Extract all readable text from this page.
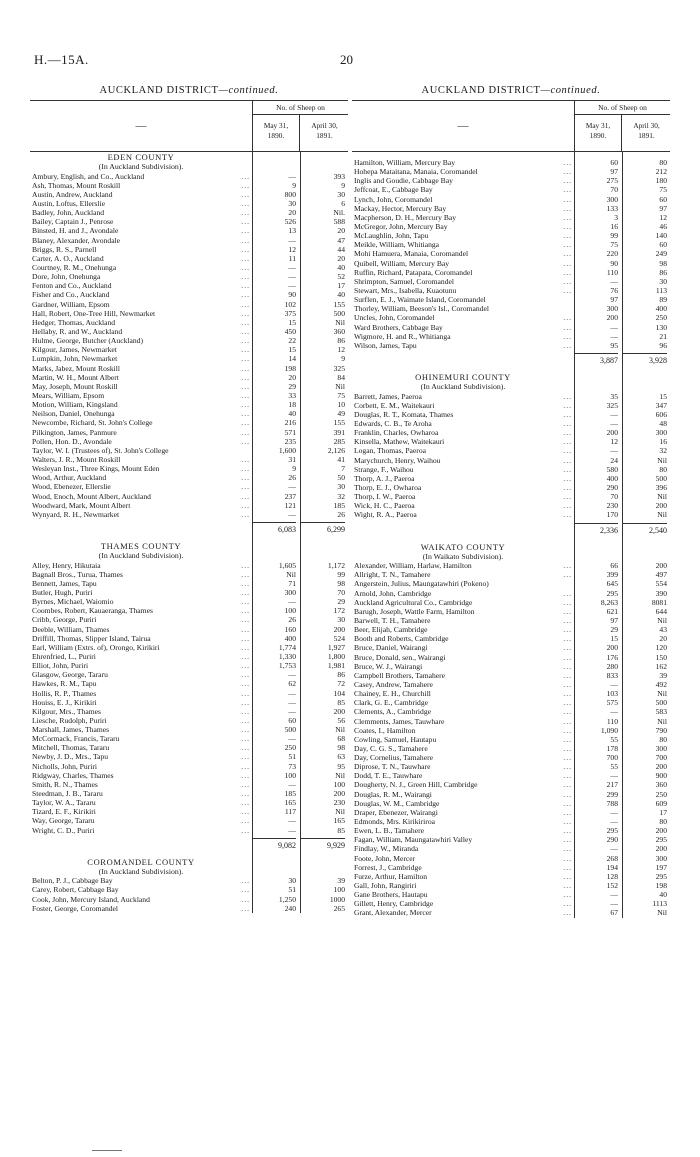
H.—15A.	20
AUCKLAND DISTRICT—continued.
—
No. of Sheep on
May 31,
1890.
April 30,
1891.
EDEN COUNTY
(In Auckland Subdivision).
Ambury, English, and Co., Auckland	...	—	393
Ash, Thomas, Mount Roskill	...	9	9
Austin, Andrew, Auckland	...	800	30
Austin, Loftus, Ellerslie	...	30	6
Badley, John, Auckland	...	20	Nil.
Bailey, Captain J., Penrose	...	526	588
Binsted, H. and J., Avondale	...	13	20
Blaney, Alexander, Avondale	...	—	47
Briggs, R. S., Parnell	...	12	44
Carter, A. O., Auckland	...	11	20
Courtney, R. M., Onehunga	...	—	40
Dore, John, Onehunga	...	—	52
Fenton and Co., Auckland	...	—	17
Fisher and Co., Auckland	...	90	40
Gardner, William, Epsom	...	102	155
Hall, Robert, One-Tree Hill, Newmarket	...	375	500
Hedger, Thomas, Auckland	...	15	Nil
Hellaby, R. and W., Auckland	...	450	360
Hulme, George, Butcher (Auckland)	...	22	86
Kilgour, James, Newmarket	...	15	12
Lumpkin, John, Newmarket	...	14	9
Marks, Jabez, Mount Roskill	...	198	325
Martin, W. H., Mount Albert	...	20	84
May, Joseph, Mount Roskill	...	29	Nil
Mears, William, Epsom	...	33	75
Motion, William, Kingsland	...	18	10
Neilson, Daniel, Onehunga	...	40	49
Newcombe, Richard, St. John's College	...	216	155
Pilkington, James, Panmure	...	571	391
Pollen, Hon. D., Avondale	...	235	285
Taylor, W. I. (Trustees of), St. John's College	1,600	2,126
Walters, J. R., Mount Roskill	...	31	41
Wesleyan Inst., Three Kings, Mount Eden	...	9	7
Wood, Arthur, Auckland	...	26	50
Wood, Ebenezer, Ellerslie	...	—	30
Wood, Enoch, Mount Albert, Auckland	...	237	32
Woodward, Mark, Mount Albert	...	121	185
Wynyard, R. H., Newmarket	...	—	26
6,083	6,299
THAMES COUNTY
(In Auckland Subdivision).
Alley, Henry, Hikutaia	...	1,605	1,172
Bagnall Bros., Turua, Thames	...	Nil	99
Bennett, James, Tapu	...	71	98
Butler, Hugh, Puriri	...	300	70
Byrnes, Michael, Waiomio	...	—	29
Coombes, Robert, Kauaeranga, Thames	...	100	172
Cribb, George, Puriri	...	26	30
Deeble, William, Thames	...	160	200
Driffill, Thomas, Slipper Island, Tairua	...	400	524
Earl, William (Extrs. of), Orongo, Kirikiri	...	1,774	1,927
Ehrenfried, L., Puriri	...	1,330	1,800
Elliot, John, Puriri	...	1,753	1,981
Glasgow, George, Tararu	...	—	86
Hawkes, R. M., Tapu	...	62	72
Hollis, R. P., Thames	...	—	104
Houiss, E. J., Kirikiri	...	—	85
Kilgour, Mrs., Thames	...	—	200
Liesche, Rudolph, Puriri	...	60	56
Marshall, James, Thames	...	500	Nil
McCormack, Francis, Tararu	...	—	68
Mitchell, Thomas, Tararu	...	250	98
Newby, J. D., Mrs., Tapu	...	51	63
Nicholls, John, Puriri	...	73	95
Ridgway, Charles, Thames	...	100	Nil
Smith, R. N., Thames	...	—	100
Steedman, J. B., Tararu	...	185	200
Taylor, W. A., Tararu	...	165	230
Tizard, E. F., Kirikiri	...	117	Nil
Way, George, Tararu	...	—	165
Wright, C. D., Puriri	...	—	85
9,082	9,929
COROMANDEL COUNTY
(In Auckland Subdivision).
Belton, P. J., Cabbage Bay	...	30	39
Carey, Robert, Cabbage Bay	...	51	100
Cook, John, Mercury Island, Auckland	...	1,250	1000
Foster, George, Coromandel	...	240	265
AUCKLAND DISTRICT—continued.
—
No. of Sheep on
May 31,
1890.
April 30,
1891.
Hamilton, William, Mercury Bay	...	60	80
Hohepa Mataitana, Manaia, Coromandel	...	97	212
Inglis and Goudie, Cabbage Bay	...	275	180
Jeffcoat, E., Cabbage Bay	...	70	75
Lynch, John, Coromandel	...	300	60
Mackay, Hector, Mercury Bay	...	133	97
Macpherson, D. H., Mercury Bay	...	3	12
McGregor, John, Mercury Bay	...	16	46
McLaughlin, John, Tapu	...	99	140
Meikle, William, Whitianga	...	75	60
Mohi Hamuera, Manaia, Coromandel	...	220	249
Quibell, William, Mercury Bay	...	90	98
Ruffin, Richard, Patapata, Coromandel	...	110	86
Shrimpton, Samuel, Coromandel	...	—	30
Stewart, Mrs., Isabella, Kuaotunu	...	76	113
Surflen, E. J., Waimate Island, Coromandel	97	89
Thorley, William, Beeson's Isl., Coromandel	300	400
Uncles, John, Coromandel	...	200	250
Ward Brothers, Cabbage Bay	...	—	130
Wigmore, H. and R., Whitianga	...	—	21
Wilson, James, Tapu	...	95	96
3,887	3,928
OHINEMURI COUNTY
(In Auckland Subdivision).
Barrett, James, Paeroa	...	35	15
Corbett, E. M., Waitekauri	...	325	347
Douglas, R. T., Komata, Thames	...	—	606
Edwards, C. B., Te Aroha	...	—	48
Franklin, Charles, Owharoa	...	200	300
Kinsella, Mathew, Waitekauri	...	12	16
Logan, Thomas, Paeroa	...	—	32
Marychurch, Henry, Waihou	...	24	Nil
Strange, F., Waihou	...	580	80
Thorp, A. J., Paeroa	...	400	500
Thorp, E. J., Owharoa	...	290	396
Thorp, I. W., Paeroa	...	70	Nil
Wick, H. C., Paeroa	...	230	200
Wight, R. A., Paeroa	...	170	Nil
2,336	2,540
WAIKATO COUNTY
(In Waikato Subdivision).
Alexander, William, Harlaw, Hamilton	...	66	200
Allright, T. N., Tamahere	...	399	497
Angerstein, Julius, Maungatawhiri (Pokeno)	645	554
Arnold, John, Cambridge	...	295	390
Auckland Agricultural Co., Cambridge	...	8,263	8081
Barugh, Joseph, Wattle Farm, Hamilton	...	621	644
Barwell, T. H., Tamahere	...	97	Nil
Beer, Elijah, Cambridge	...	29	43
Booth and Roberts, Cambridge	...	15	20
Bruce, Daniel, Wairangi	...	200	120
Bruce, Donald, sen., Wairangi	...	176	150
Bruce, W. J., Wairangi	...	280	162
Campbell Brothers, Tamahere	...	833	39
Casey, Andrew, Tamahere	...	—	492
Chainey, E. H., Churchill	...	103	Nil
Clark, G. E., Cambridge	...	575	500
Clements, A., Cambridge	...	—	583
Clemments, James, Tauwhare	...	110	Nil
Coates, I., Hamilton	...	1,090	790
Cowling, Samuel, Hautapu	...	55	80
Day, C. G. S., Tamahere	...	178	300
Day, Cornelius, Tamahere	...	700	700
Diprose, T. N., Tauwhare	...	55	200
Dodd, T. E., Tauwhare	...	—	900
Dougherty, N. J., Green Hill, Cambridge	...	217	360
Douglas, R. M., Wairangi	...	299	250
Douglas, W. M., Cambridge	...	788	609
Draper, Ebenezer, Wairangi	...	—	17
Edmonds, Mrs. Kirikiriroa	...	—	80
Ewen, L. B., Tamahere	...	295	200
Fagan, William, Maungatawhiri Valley	...	290	295
Findlay, W., Miranda	...	—	200
Foote, John, Mercer	...	268	300
Forrest, J., Cambridge	...	194	197
Furze, Arthur, Hamilton	...	128	295
Gall, John, Rangiriri	...	152	198
Gane Brothers, Hautapu	...	—	40
Gillett, Henry, Cambridge	...	—	1113
Grant, Alexander, Mercer	...	67	Nil
